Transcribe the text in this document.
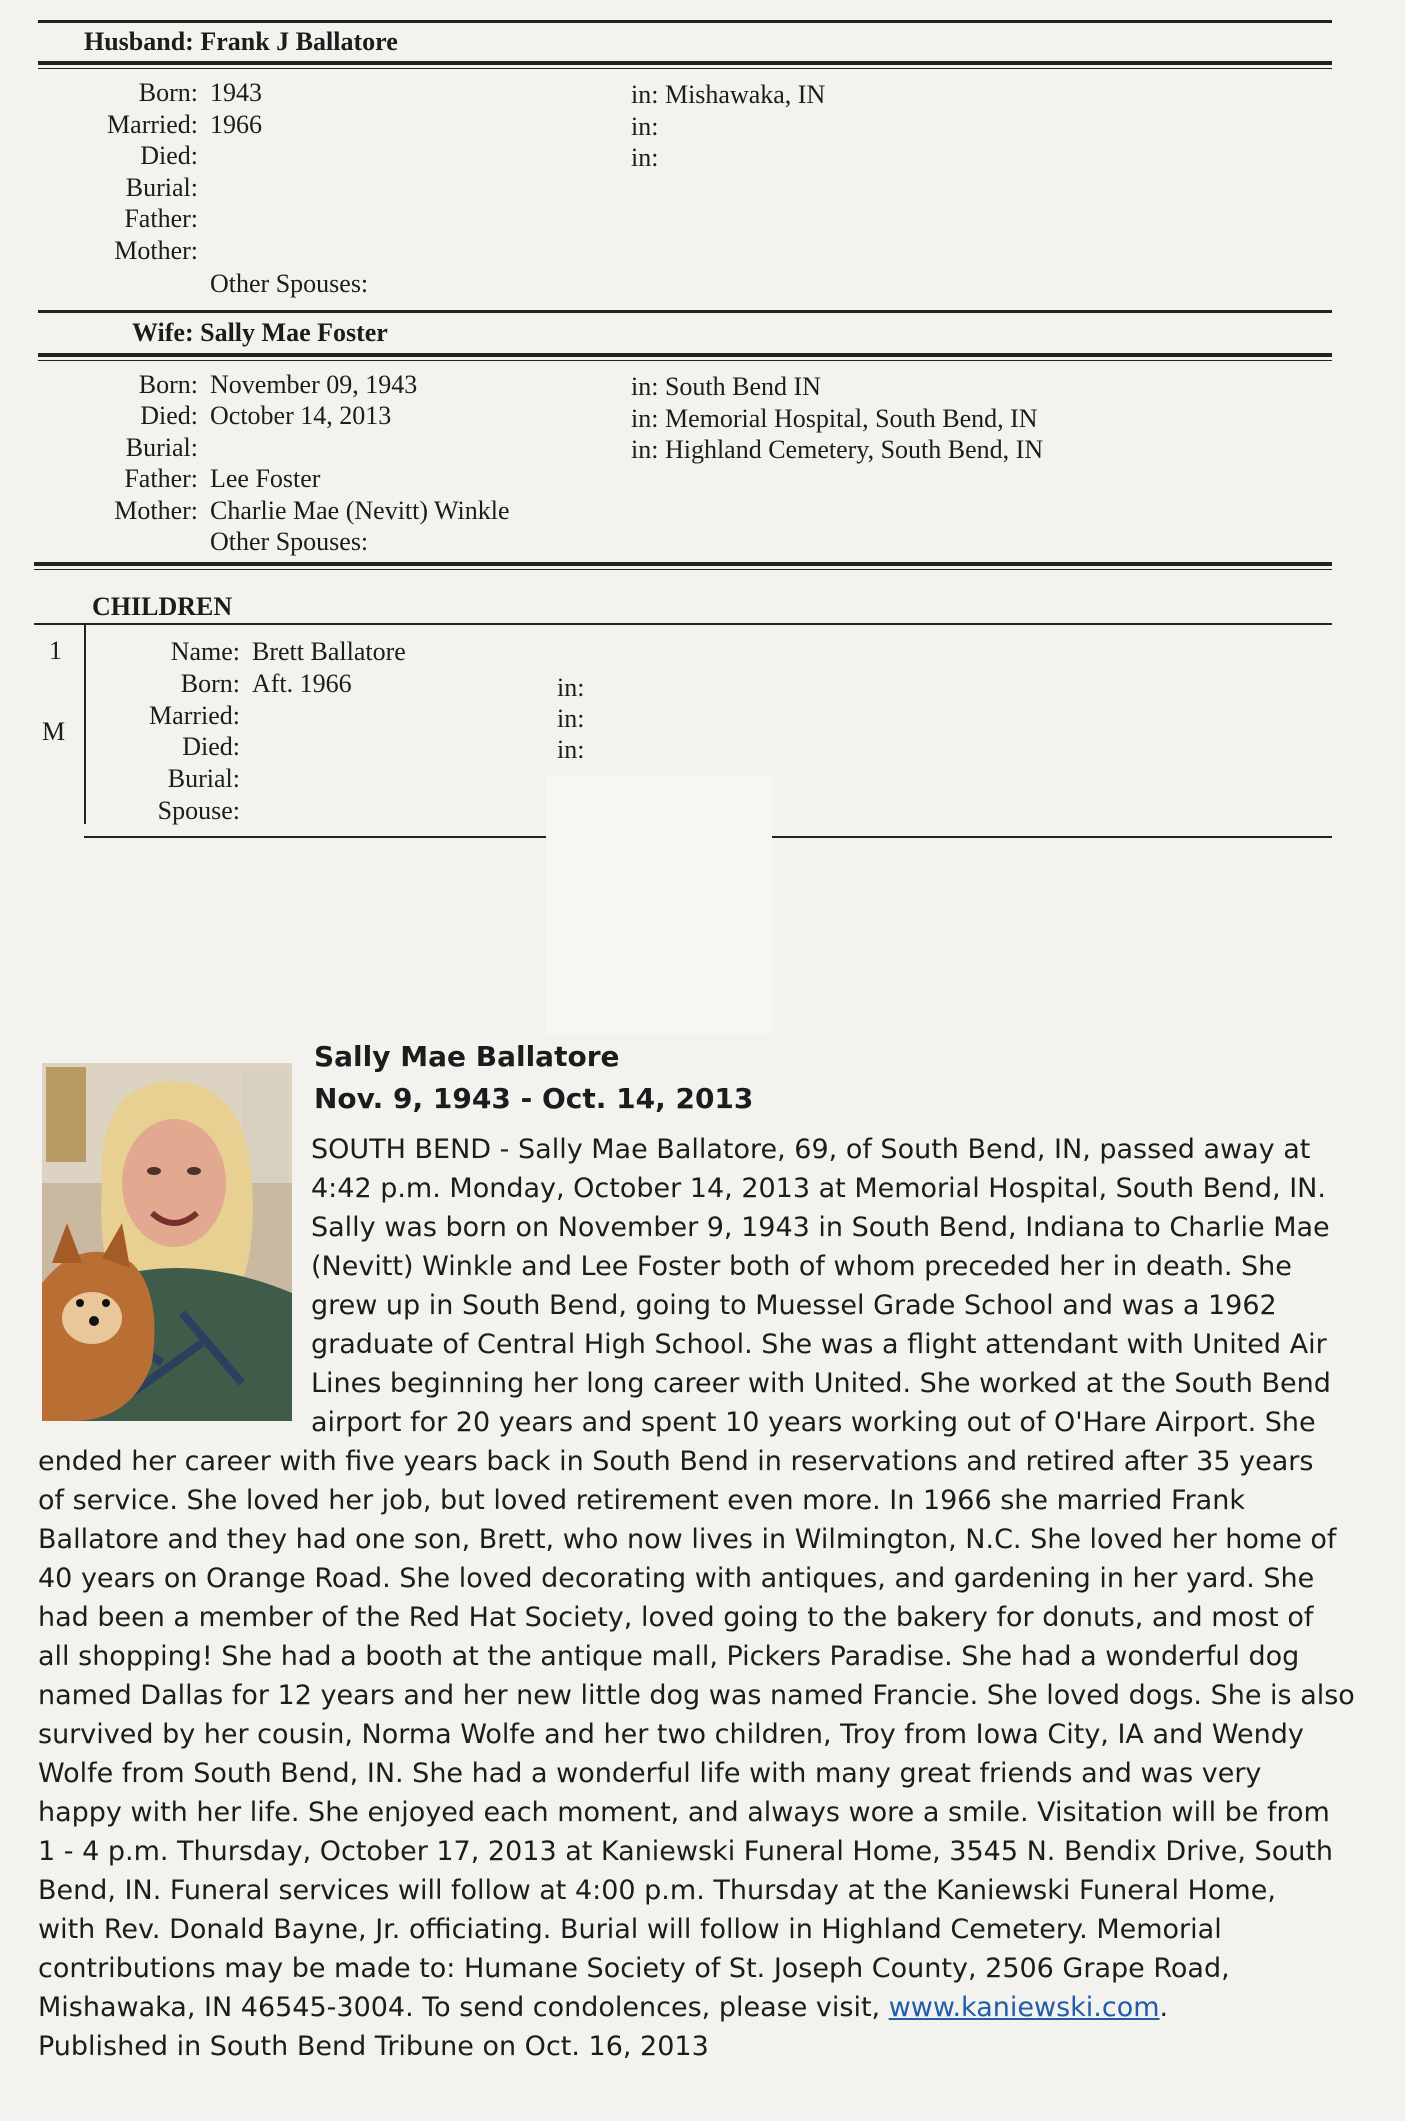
Husband: Frank J Ballatore
Born: 1943	in: Mishawaka, IN
Married: 1966	in:
Died:	in:
Burial:
Father:
Mother:
Other Spouses:
Wife: Sally Mae Foster
Born: November 09, 1943	in: South Bend IN
Died: October 14, 2013	in: Memorial Hospital, South Bend, IN
Burial:	in: Highland Cemetery, South Bend, IN
Father: Lee Foster
Mother: Charlie Mae (Nevitt) Winkle
Other Spouses:
CHILDREN
1
M
Name: Brett Ballatore
Born: Aft. 1966	in:
Married:	in:
Died:	in:
Burial:
Spouse:
Sally Mae Ballatore
Nov. 9, 1943 - Oct. 14, 2013
SOUTH BEND - Sally Mae Ballatore, 69, of South Bend, IN, passed away at
4:42 p.m. Monday, October 14, 2013 at Memorial Hospital, South Bend, IN.
Sally was born on November 9, 1943 in South Bend, Indiana to Charlie Mae
(Nevitt) Winkle and Lee Foster both of whom preceded her in death. She
grew up in South Bend, going to Muessel Grade School and was a 1962
graduate of Central High School. She was a flight attendant with United Air
Lines beginning her long career with United. She worked at the South Bend
airport for 20 years and spent 10 years working out of O'Hare Airport. She
ended her career with five years back in South Bend in reservations and retired after 35 years
of service. She loved her job, but loved retirement even more. In 1966 she married Frank
Ballatore and they had one son, Brett, who now lives in Wilmington, N.C. She loved her home of
40 years on Orange Road. She loved decorating with antiques, and gardening in her yard. She
had been a member of the Red Hat Society, loved going to the bakery for donuts, and most of
all shopping! She had a booth at the antique mall, Pickers Paradise. She had a wonderful dog
named Dallas for 12 years and her new little dog was named Francie. She loved dogs. She is also
survived by her cousin, Norma Wolfe and her two children, Troy from Iowa City, IA and Wendy
Wolfe from South Bend, IN. She had a wonderful life with many great friends and was very
happy with her life. She enjoyed each moment, and always wore a smile. Visitation will be from
1 - 4 p.m. Thursday, October 17, 2013 at Kaniewski Funeral Home, 3545 N. Bendix Drive, South
Bend, IN. Funeral services will follow at 4:00 p.m. Thursday at the Kaniewski Funeral Home,
with Rev. Donald Bayne, Jr. officiating. Burial will follow in Highland Cemetery. Memorial
contributions may be made to: Humane Society of St. Joseph County, 2506 Grape Road,
Mishawaka, IN 46545-3004. To send condolences, please visit, www.kaniewski.com.
Published in South Bend Tribune on Oct. 16, 2013
